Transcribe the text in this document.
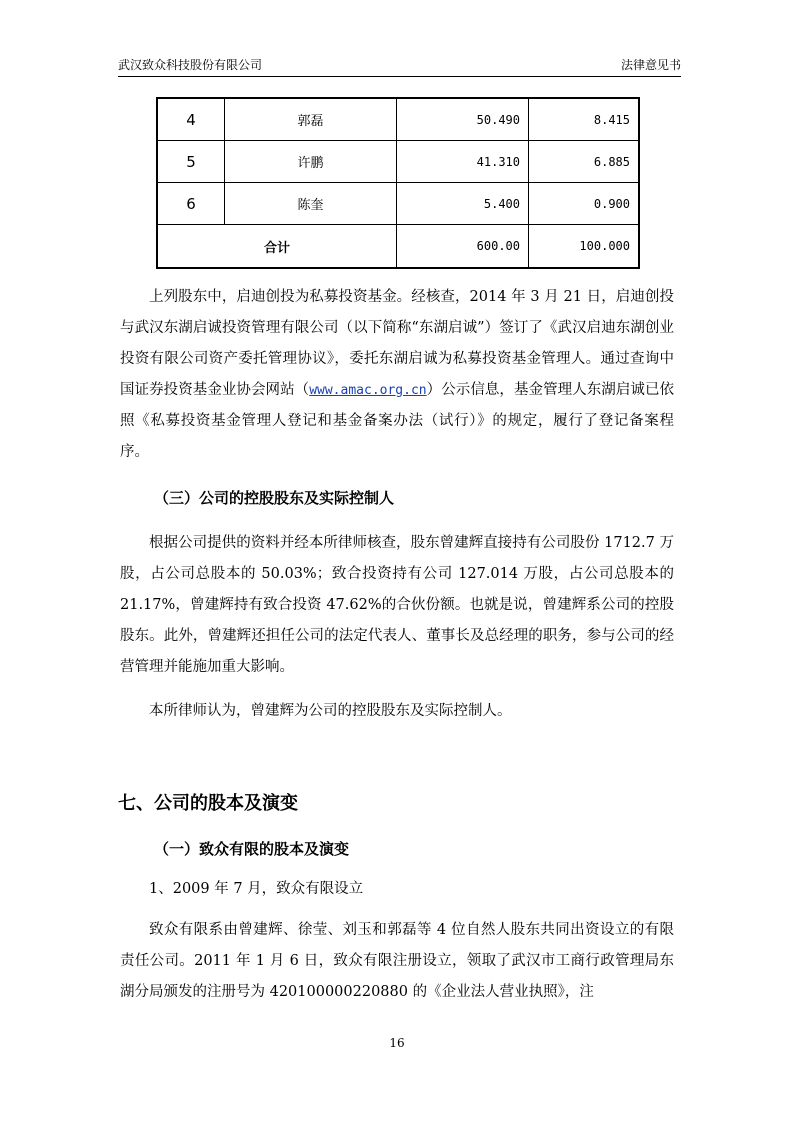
武汉致众科技股份有限公司	法律意见书
4	郭磊	50.490	8.415
5	许鹏	41.310	6.885
6	陈奎	5.400	0.900
合计		600.00	100.000

上列股东中，启迪创投为私募投资基金。经核查，2014 年 3 月 21 日，启迪创投与武汉东湖启诚投资管理有限公司（以下简称“东湖启诚”）签订了《武汉启迪东湖创业投资有限公司资产委托管理协议》，委托东湖启诚为私募投资基金管理人。通过查询中国证券投资基金业协会网站（www.amac.org.cn）公示信息，基金管理人东湖启诚已依照《私募投资基金管理人登记和基金备案办法（试行）》的规定，履行了登记备案程序。

（三）公司的控股股东及实际控制人

根据公司提供的资料并经本所律师核查，股东曾建辉直接持有公司股份 1712.7 万股，占公司总股本的 50.03%；致合投资持有公司 127.014 万股，占公司总股本的 21.17%，曾建辉持有致合投资 47.62%的合伙份额。也就是说，曾建辉系公司的控股股东。此外，曾建辉还担任公司的法定代表人、董事长及总经理的职务，参与公司的经营管理并能施加重大影响。

本所律师认为，曾建辉为公司的控股股东及实际控制人。

七、公司的股本及演变

（一）致众有限的股本及演变

1、2009 年 7 月，致众有限设立

致众有限系由曾建辉、徐莹、刘玉和郭磊等 4 位自然人股东共同出资设立的有限责任公司。2011 年 1 月 6 日，致众有限注册设立，领取了武汉市工商行政管理局东湖分局颁发的注册号为 420100000220880 的《企业法人营业执照》，注

16
